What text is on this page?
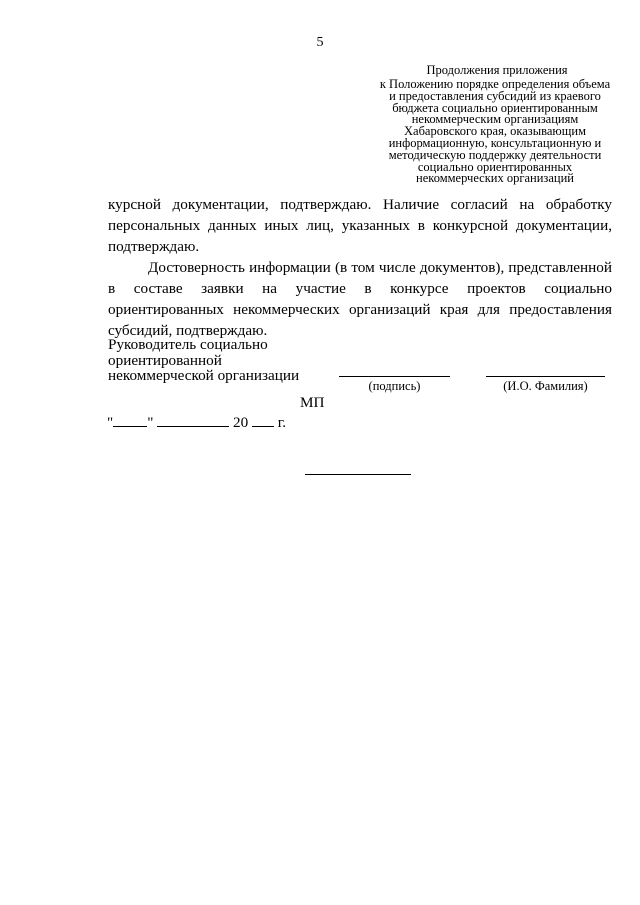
5
Продолжения приложения
к Положению порядке определения объема и предоставления субсидий из краевого бюджета социально ориентированным некоммерческим организациям Хабаровского края, оказывающим информационную, консультационную и методическую поддержку деятельности социально ориентированных некоммерческих организаций

курсной документации, подтверждаю. Наличие согласий на обработку персональных данных иных лиц, указанных в конкурсной документации, подтверждаю.

Достоверность информации (в том числе документов), представленной в составе заявки на участие в конкурсе проектов социально ориентированных некоммерческих организаций края для предоставления субсидий, подтверждаю.

Руководитель социально ориентированной некоммерческой организации
(подпись)	(И.О. Фамилия)
МП
" "	20 г.
